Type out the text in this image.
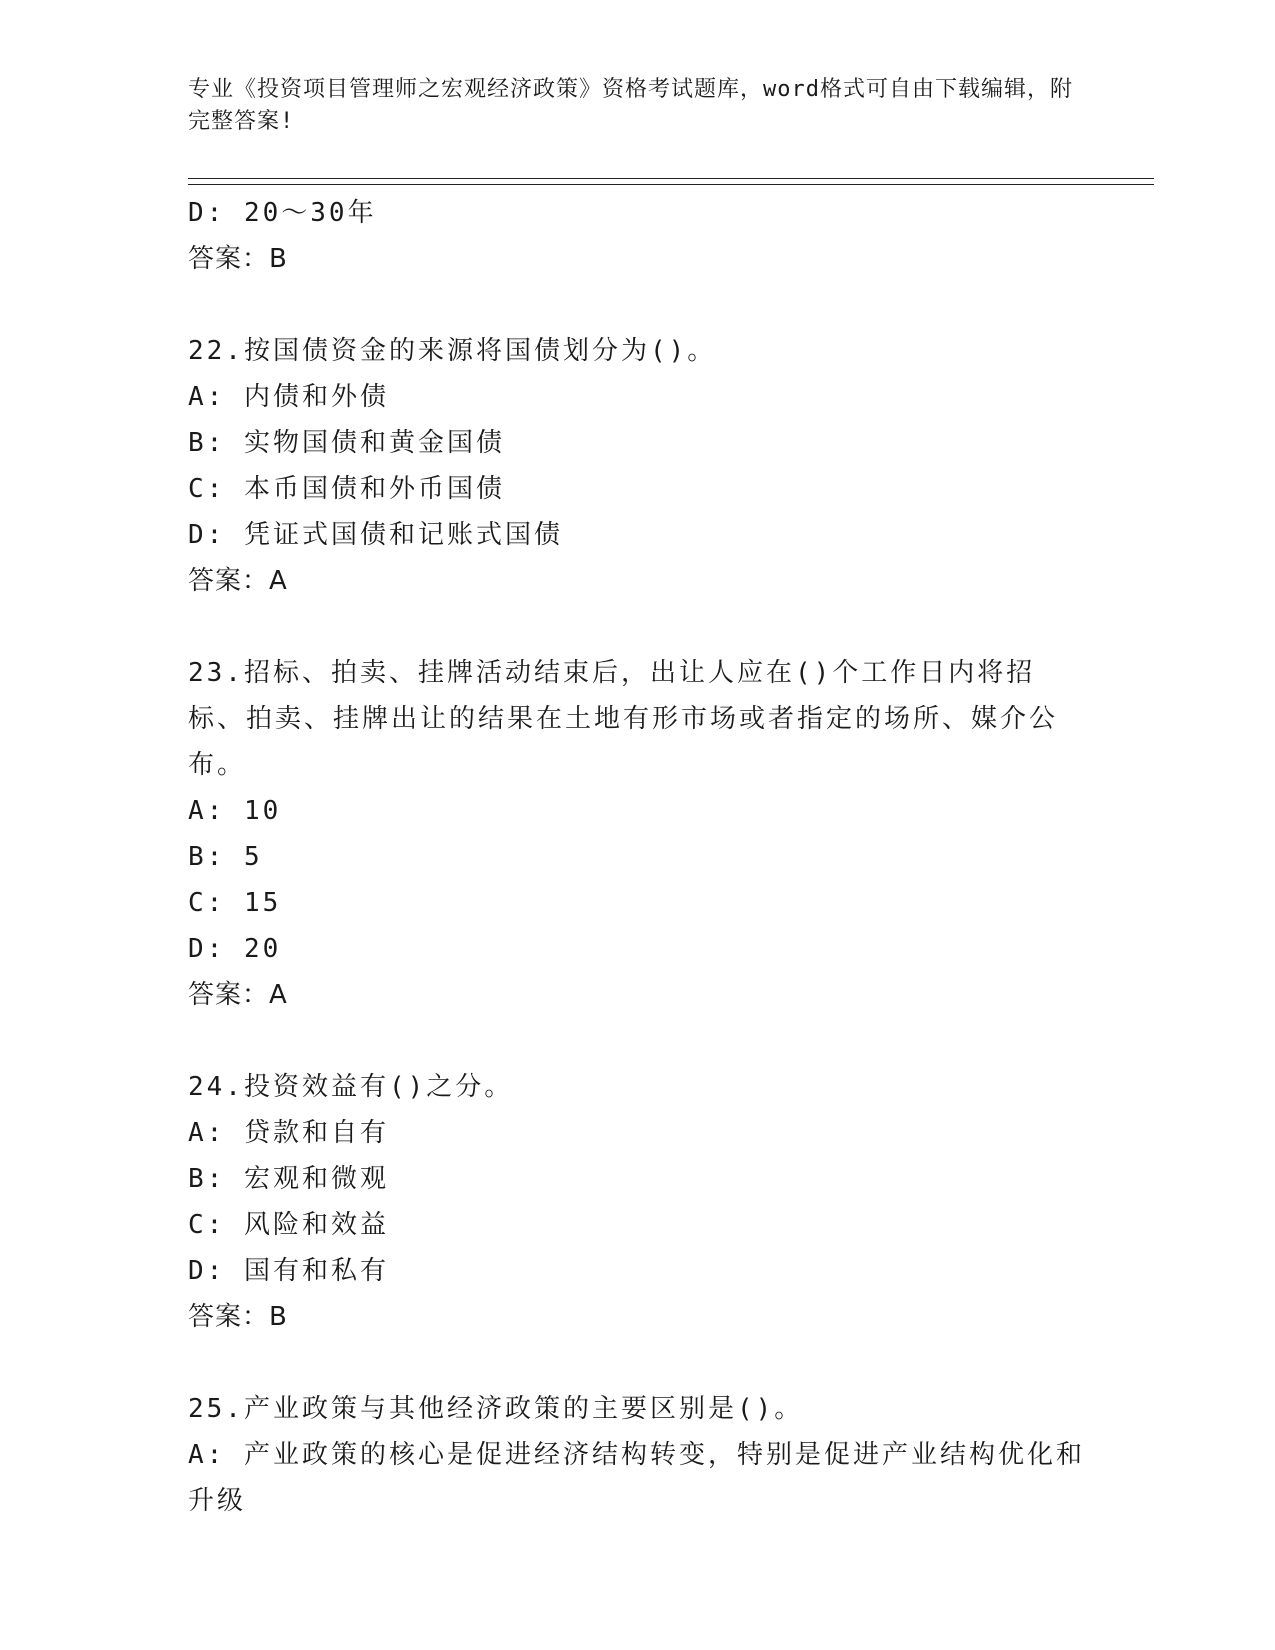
专业《投资项目管理师之宏观经济政策》资格考试题库，word格式可自由下载编辑，附完整答案!
D: 20～30年
答案：B
22.按国债资金的来源将国债划分为()。
A: 内债和外债
B: 实物国债和黄金国债
C: 本币国债和外币国债
D: 凭证式国债和记账式国债
答案：A
23.招标、拍卖、挂牌活动结束后，出让人应在()个工作日内将招标、拍卖、挂牌出让的结果在土地有形市场或者指定的场所、媒介公布。
A: 10
B: 5
C: 15
D: 20
答案：A
24.投资效益有()之分。
A: 贷款和自有
B: 宏观和微观
C: 风险和效益
D: 国有和私有
答案：B
25.产业政策与其他经济政策的主要区别是()。
A: 产业政策的核心是促进经济结构转变，特别是促进产业结构优化和升级
